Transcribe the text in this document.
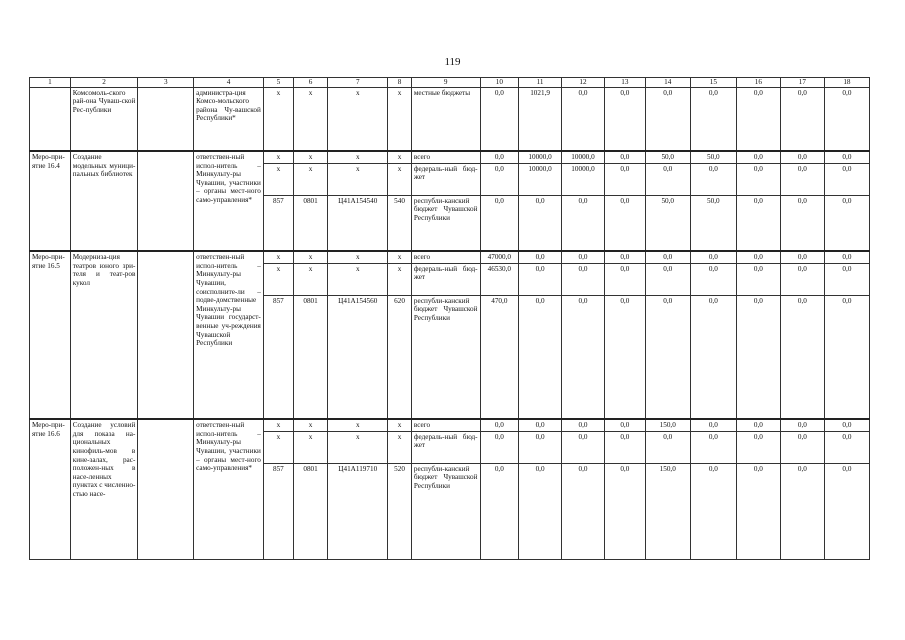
119
1	2	3	4	5	6	7	8	9	10	11	12	13	14	15	16	17	18
	Комсомоль-ского рай-она Чуваш-ской Рес-публики		администра-ция Комсо-мольского района Чу-вашской Республики*	х	х	х	х	местные бюджеты	0,0	1021,9	0,0	0,0	0,0	0,0	0,0	0,0	0,0
Меро-при-ятие 16.4	Создание модельных муници-пальных библиотек		ответствен-ный испол-нитель – Минкульту-ры Чувашии, участники – органы мест-ного само-управления*	х	х	х	х	всего	0,0	10000,0	10000,0	0,0	50,0	50,0	0,0	0,0	0,0
				х	х	х	х	федераль-ный бюд-жет	0,0	10000,0	10000,0	0,0	0,0	0,0	0,0	0,0	0,0
				857	0801	Ц41А154540	540	республи-канский бюджет Чувашской Республики	0,0	0,0	0,0	0,0	50,0	50,0	0,0	0,0	0,0
Меро-при-ятие 16.5	Модерниза-ция театров юного зри-теля и теат-ров кукол		ответствен-ный испол-нитель – Минкульту-ры Чувашии, соисполните-ли – подве-домственные Минкульту-ры Чувашии государст-венные уч-реждения Чувашской Республики	х	х	х	х	всего	47000,0	0,0	0,0	0,0	0,0	0,0	0,0	0,0	0,0
				х	х	х	х	федераль-ный бюд-жет	46530,0	0,0	0,0	0,0	0,0	0,0	0,0	0,0	0,0
				857	0801	Ц41А154560	620	республи-канский бюджет Чувашской Республики	470,0	0,0	0,0	0,0	0,0	0,0	0,0	0,0	0,0
Меро-при-ятие 16.6	Создание условий для показа на-циональных кинофиль-мов в кине-залах, рас-положен-ных в насе-ленных пунктах с численно-стью насе-		ответствен-ный испол-нитель – Минкульту-ры Чувашии, участники – органы мест-ного само-управления*	х	х	х	х	всего	0,0	0,0	0,0	0,0	150,0	0,0	0,0	0,0	0,0
				х	х	х	х	федераль-ный бюд-жет	0,0	0,0	0,0	0,0	0,0	0,0	0,0	0,0	0,0
				857	0801	Ц41А119710	520	республи-канский бюджет Чувашской Республики	0,0	0,0	0,0	0,0	150,0	0,0	0,0	0,0	0,0
